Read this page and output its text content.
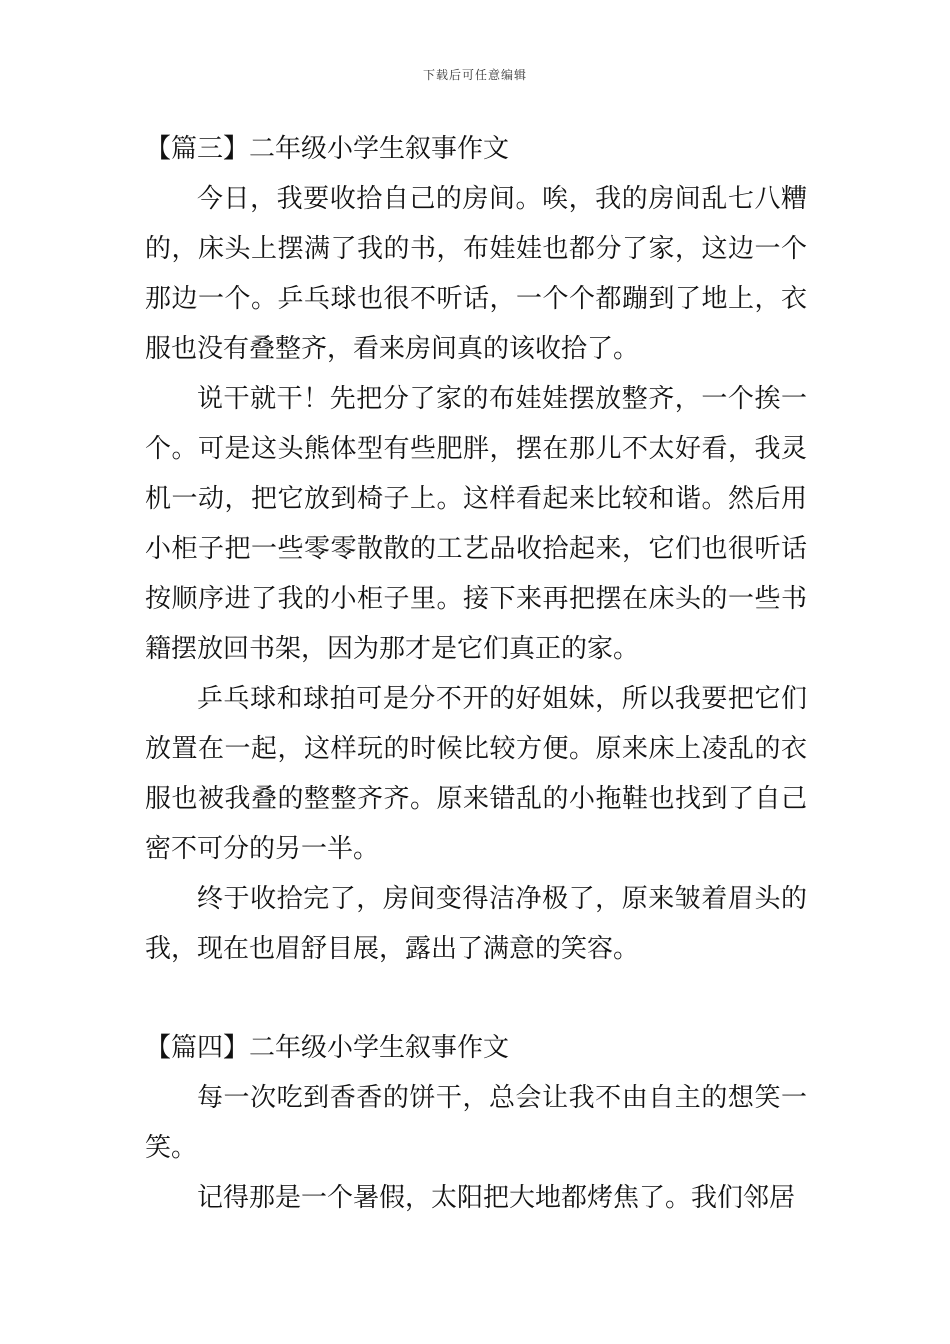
下载后可任意编辑
【篇三】二年级小学生叙事作文

今日，我要收拾自己的房间。唉，我的房间乱七八糟的，床头上摆满了我的书，布娃娃也都分了家，这边一个那边一个。乒乓球也很不听话，一个个都蹦到了地上，衣服也没有叠整齐，看来房间真的该收拾了。

说干就干！先把分了家的布娃娃摆放整齐，一个挨一个。可是这头熊体型有些肥胖，摆在那儿不太好看，我灵机一动，把它放到椅子上。这样看起来比较和谐。然后用小柜子把一些零零散散的工艺品收拾起来，它们也很听话按顺序进了我的小柜子里。接下来再把摆在床头的一些书籍摆放回书架，因为那才是它们真正的家。

乒乓球和球拍可是分不开的好姐妹，所以我要把它们放置在一起，这样玩的时候比较方便。原来床上凌乱的衣服也被我叠的整整齐齐。原来错乱的小拖鞋也找到了自己密不可分的另一半。

终于收拾完了，房间变得洁净极了，原来皱着眉头的我，现在也眉舒目展，露出了满意的笑容。

【篇四】二年级小学生叙事作文

每一次吃到香香的饼干，总会让我不由自主的想笑一笑。

记得那是一个暑假，太阳把大地都烤焦了。我们邻居
